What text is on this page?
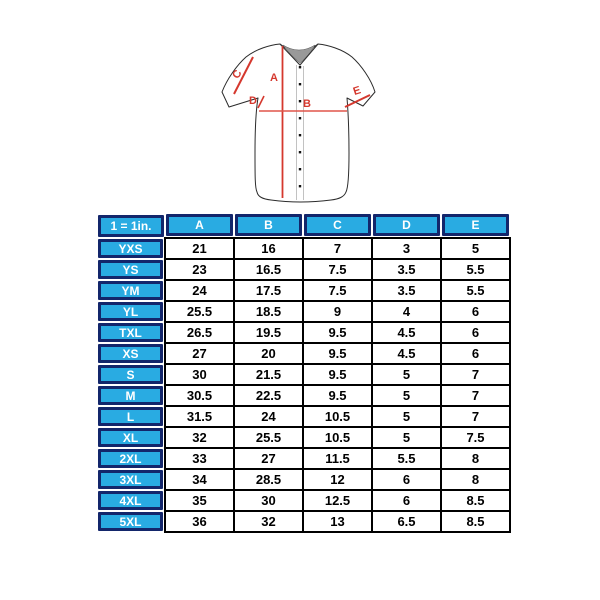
A
B
C
D
E
1 = 1in.	A	B	C	D	E

YXS	21	16	7	3	5

YS	23	16.5	7.5	3.5	5.5

YM	24	17.5	7.5	3.5	5.5

YL	25.5	18.5	9	4	6

TXL	26.5	19.5	9.5	4.5	6

XS	27	20	9.5	4.5	6

S	30	21.5	9.5	5	7

M	30.5	22.5	9.5	5	7

L	31.5	24	10.5	5	7

XL	32	25.5	10.5	5	7.5

2XL	33	27	11.5	5.5	8

3XL	34	28.5	12	6	8

4XL	35	30	12.5	6	8.5

5XL	36	32	13	6.5	8.5
